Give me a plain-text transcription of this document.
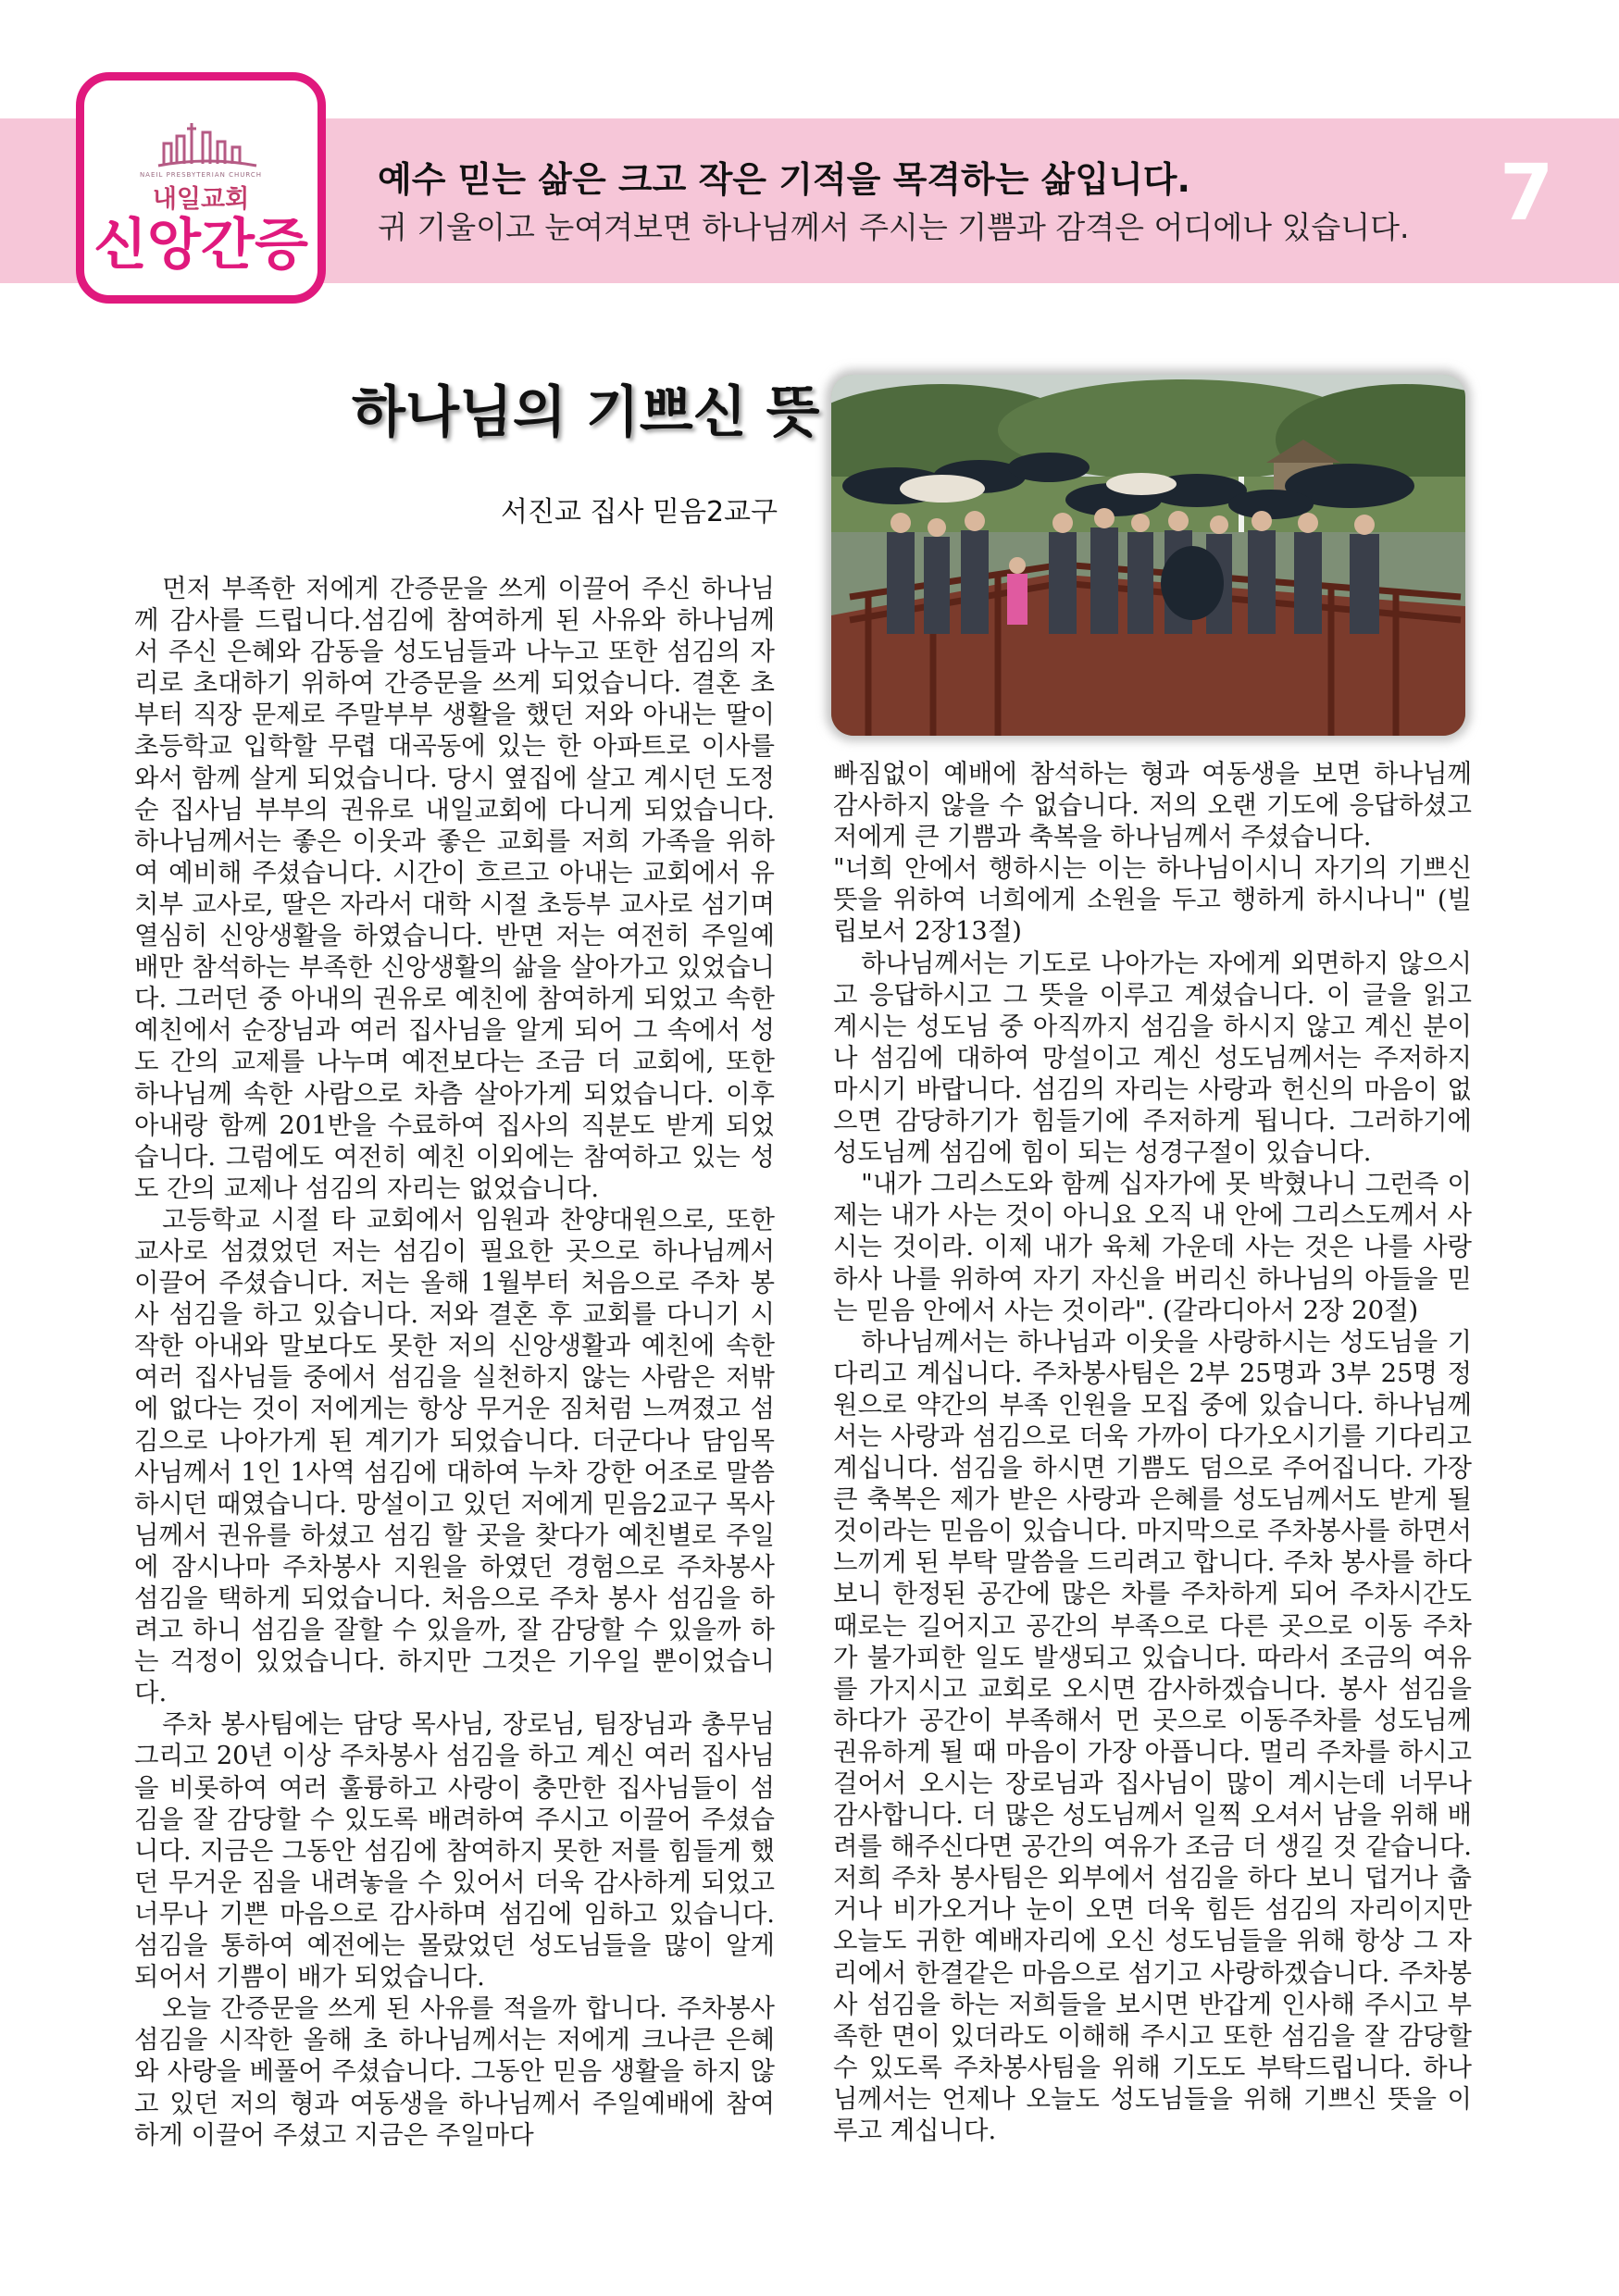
NAEIL PRESBYTERIAN CHURCH
내일교회
신앙간증
예수 믿는 삶은 크고 작은 기적을 목격하는 삶입니다.
귀 기울이고 눈여겨보면 하나님께서 주시는 기쁨과 감격은 어디에나 있습니다. 7
하나님의 기쁘신 뜻
서진교 집사 믿음2교구

먼저 부족한 저에게 간증문을 쓰게 이끌어 주신 하나님께 감사를 드립니다.섬김에 참여하게 된 사유와 하나님께서 주신 은혜와 감동을 성도님들과 나누고 또한 섬김의 자리로 초대하기 위하여 간증문을 쓰게 되었습니다. 결혼 초부터 직장 문제로 주말부부 생활을 했던 저와 아내는 딸이 초등학교 입학할 무렵 대곡동에 있는 한 아파트로 이사를 와서 함께 살게 되었습니다. 당시 옆집에 살고 계시던 도정순 집사님 부부의 권유로 내일교회에 다니게 되었습니다. 하나님께서는 좋은 이웃과 좋은 교회를 저희 가족을 위하여 예비해 주셨습니다. 시간이 흐르고 아내는 교회에서 유치부 교사로, 딸은 자라서 대학 시절 초등부 교사로 섬기며 열심히 신앙생활을 하였습니다. 반면 저는 여전히 주일예배만 참석하는 부족한 신앙생활의 삶을 살아가고 있었습니다. 그러던 중 아내의 권유로 예친에 참여하게 되었고 속한 예친에서 순장님과 여러 집사님을 알게 되어 그 속에서 성도 간의 교제를 나누며 예전보다는 조금 더 교회에, 또한 하나님께 속한 사람으로 차츰 살아가게 되었습니다. 이후 아내랑 함께 201반을 수료하여 집사의 직분도 받게 되었습니다. 그럼에도 여전히 예친 이외에는 참여하고 있는 성도 간의 교제나 섬김의 자리는 없었습니다.

고등학교 시절 타 교회에서 임원과 찬양대원으로, 또한 교사로 섬겼었던 저는 섬김이 필요한 곳으로 하나님께서 이끌어 주셨습니다. 저는 올해 1월부터 처음으로 주차 봉사 섬김을 하고 있습니다. 저와 결혼 후 교회를 다니기 시작한 아내와 말보다도 못한 저의 신앙생활과 예친에 속한 여러 집사님들 중에서 섬김을 실천하지 않는 사람은 저밖에 없다는 것이 저에게는 항상 무거운 짐처럼 느껴졌고 섬김으로 나아가게 된 계기가 되었습니다. 더군다나 담임목사님께서 1인 1사역 섬김에 대하여 누차 강한 어조로 말씀하시던 때였습니다. 망설이고 있던 저에게 믿음2교구 목사님께서 권유를 하셨고 섬김 할 곳을 찾다가 예친별로 주일에 잠시나마 주차봉사 지원을 하였던 경험으로 주차봉사 섬김을 택하게 되었습니다. 처음으로 주차 봉사 섬김을 하려고 하니 섬김을 잘할 수 있을까, 잘 감당할 수 있을까 하는 걱정이 있었습니다. 하지만 그것은 기우일 뿐이었습니다.

주차 봉사팀에는 담당 목사님, 장로님, 팀장님과 총무님 그리고 20년 이상 주차봉사 섬김을 하고 계신 여러 집사님을 비롯하여 여러 훌륭하고 사랑이 충만한 집사님들이 섬김을 잘 감당할 수 있도록 배려하여 주시고 이끌어 주셨습니다. 지금은 그동안 섬김에 참여하지 못한 저를 힘들게 했던 무거운 짐을 내려놓을 수 있어서 더욱 감사하게 되었고 너무나 기쁜 마음으로 감사하며 섬김에 임하고 있습니다. 섬김을 통하여 예전에는 몰랐었던 성도님들을 많이 알게 되어서 기쁨이 배가 되었습니다.

오늘 간증문을 쓰게 된 사유를 적을까 합니다. 주차봉사 섬김을 시작한 올해 초 하나님께서는 저에게 크나큰 은혜와 사랑을 베풀어 주셨습니다. 그동안 믿음 생활을 하지 않고 있던 저의 형과 여동생을 하나님께서 주일예배에 참여하게 이끌어 주셨고 지금은 주일마다

빠짐없이 예배에 참석하는 형과 여동생을 보면 하나님께 감사하지 않을 수 없습니다. 저의 오랜 기도에 응답하셨고 저에게 큰 기쁨과 축복을 하나님께서 주셨습니다.

"너희 안에서 행하시는 이는 하나님이시니 자기의 기쁘신 뜻을 위하여 너희에게 소원을 두고 행하게 하시나니" (빌립보서 2장13절)

하나님께서는 기도로 나아가는 자에게 외면하지 않으시고 응답하시고 그 뜻을 이루고 계셨습니다. 이 글을 읽고 계시는 성도님 중 아직까지 섬김을 하시지 않고 계신 분이나 섬김에 대하여 망설이고 계신 성도님께서는 주저하지 마시기 바랍니다. 섬김의 자리는 사랑과 헌신의 마음이 없으면 감당하기가 힘들기에 주저하게 됩니다. 그러하기에 성도님께 섬김에 힘이 되는 성경구절이 있습니다.

"내가 그리스도와 함께 십자가에 못 박혔나니 그런즉 이제는 내가 사는 것이 아니요 오직 내 안에 그리스도께서 사시는 것이라. 이제 내가 육체 가운데 사는 것은 나를 사랑하사 나를 위하여 자기 자신을 버리신 하나님의 아들을 믿는 믿음 안에서 사는 것이라". (갈라디아서 2장 20절)

하나님께서는 하나님과 이웃을 사랑하시는 성도님을 기다리고 계십니다. 주차봉사팀은 2부 25명과 3부 25명 정원으로 약간의 부족 인원을 모집 중에 있습니다. 하나님께서는 사랑과 섬김으로 더욱 가까이 다가오시기를 기다리고 계십니다. 섬김을 하시면 기쁨도 덤으로 주어집니다. 가장 큰 축복은 제가 받은 사랑과 은혜를 성도님께서도 받게 될 것이라는 믿음이 있습니다. 마지막으로 주차봉사를 하면서 느끼게 된 부탁 말씀을 드리려고 합니다. 주차 봉사를 하다 보니 한정된 공간에 많은 차를 주차하게 되어 주차시간도 때로는 길어지고 공간의 부족으로 다른 곳으로 이동 주차가 불가피한 일도 발생되고 있습니다. 따라서 조금의 여유를 가지시고 교회로 오시면 감사하겠습니다. 봉사 섬김을 하다가 공간이 부족해서 먼 곳으로 이동주차를 성도님께 권유하게 될 때 마음이 가장 아픕니다. 멀리 주차를 하시고 걸어서 오시는 장로님과 집사님이 많이 계시는데 너무나 감사합니다. 더 많은 성도님께서 일찍 오셔서 남을 위해 배려를 해주신다면 공간의 여유가 조금 더 생길 것 같습니다. 저희 주차 봉사팀은 외부에서 섬김을 하다 보니 덥거나 춥거나 비가오거나 눈이 오면 더욱 힘든 섬김의 자리이지만 오늘도 귀한 예배자리에 오신 성도님들을 위해 항상 그 자리에서 한결같은 마음으로 섬기고 사랑하겠습니다. 주차봉사 섬김을 하는 저희들을 보시면 반갑게 인사해 주시고 부족한 면이 있더라도 이해해 주시고 또한 섬김을 잘 감당할 수 있도록 주차봉사팀을 위해 기도도 부탁드립니다. 하나님께서는 언제나 오늘도 성도님들을 위해 기쁘신 뜻을 이루고 계십니다.
